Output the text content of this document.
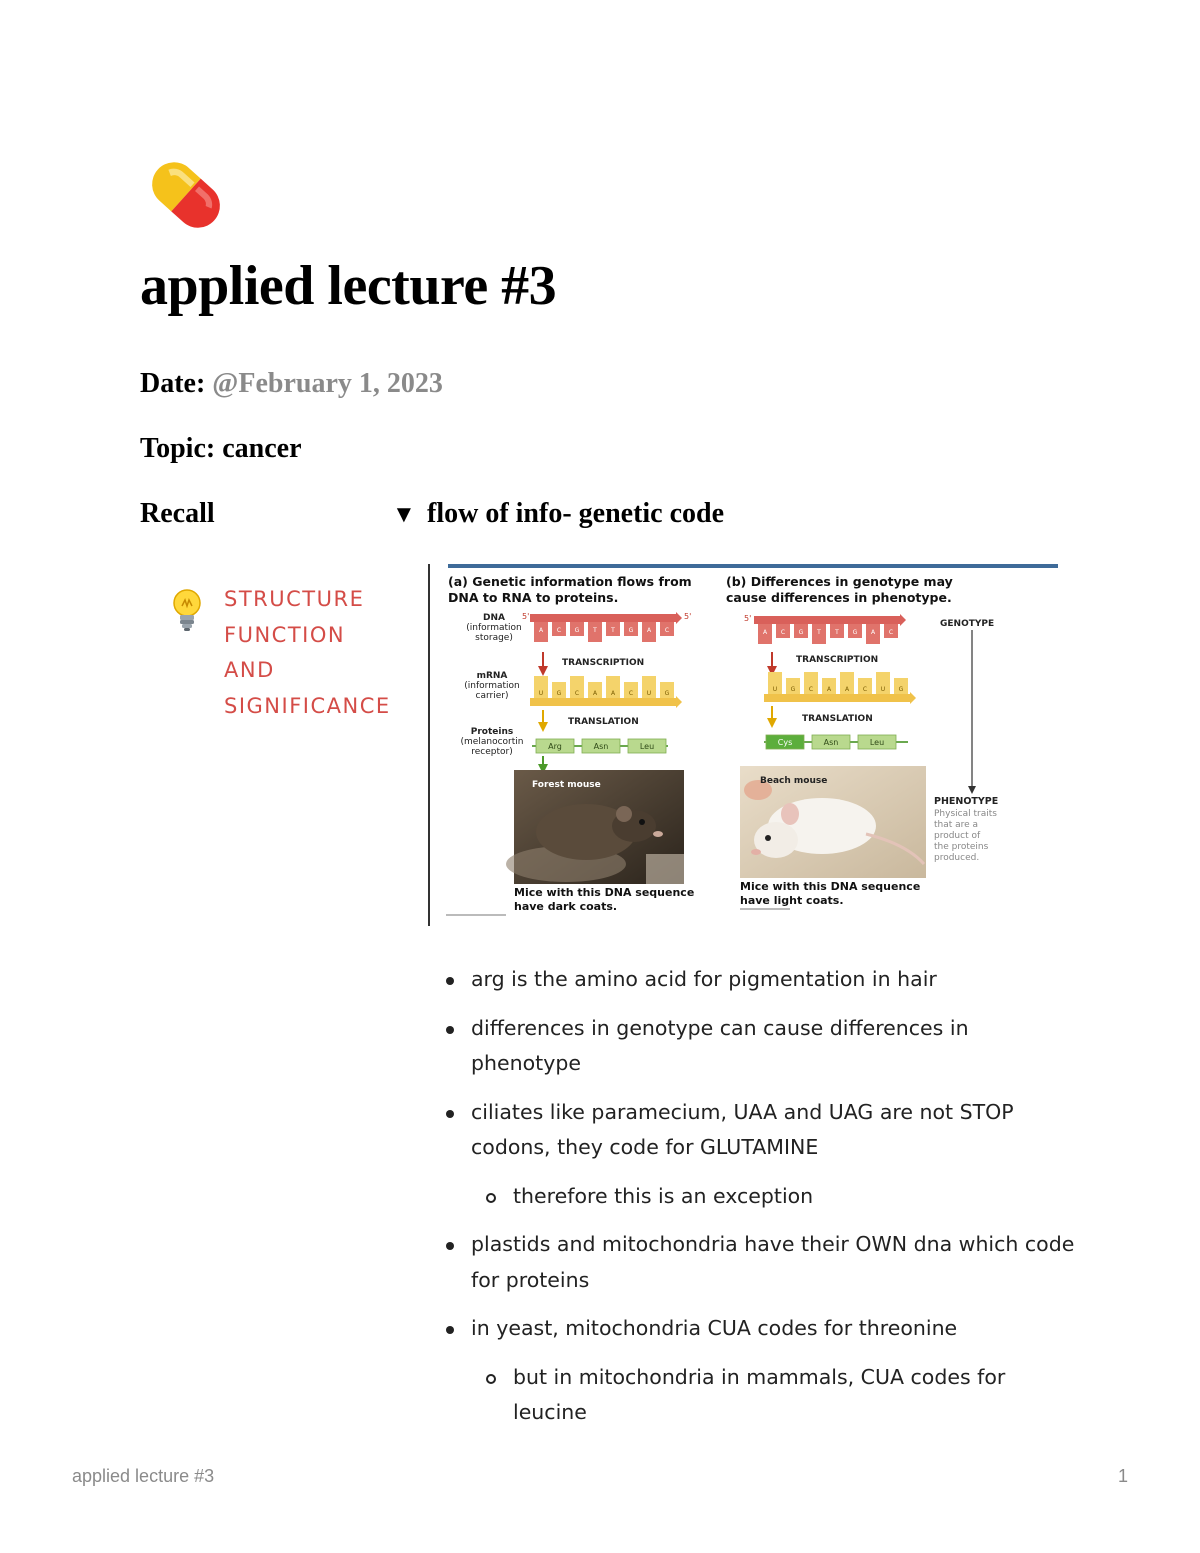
applied lecture #3
Date: @February 1, 2023
Topic: cancer
Recall	▼ flow of info- genetic code
STRUCTURE
FUNCTION
AND
SIGNIFICANCE
(a) Genetic information flows from
DNA to RNA to proteins.
DNA
(information
storage)
5'	5'
A C G T T G A C
TRANSCRIPTION
mRNA
(information
carrier)	U G C A A C U G
TRANSLATION
Proteins
(melanocortin
receptor)
Arg	Asn	Leu
Forest mouse
Mice with this DNA sequence
have dark coats.
(b) Differences in genotype may
cause differences in phenotype.
5'
A C G T T G A C
GENOTYPE
TRANSCRIPTION
U G C A A C U G
TRANSLATION
Cys	Asn	Leu
Beach mouse
Mice with this DNA sequence
have light coats.
PHENOTYPE
Physical traits
that are a
product of
the proteins
produced.
arg is the amino acid for pigmentation in hair
differences in genotype can cause differences in phenotype
ciliates like paramecium, UAA and UAG are not STOP codons, they code for GLUTAMINE
therefore this is an exception
plastids and mitochondria have their OWN dna which code for proteins
in yeast, mitochondria CUA codes for threonine
but in mitochondria in mammals, CUA codes for leucine
applied lecture #3	1
